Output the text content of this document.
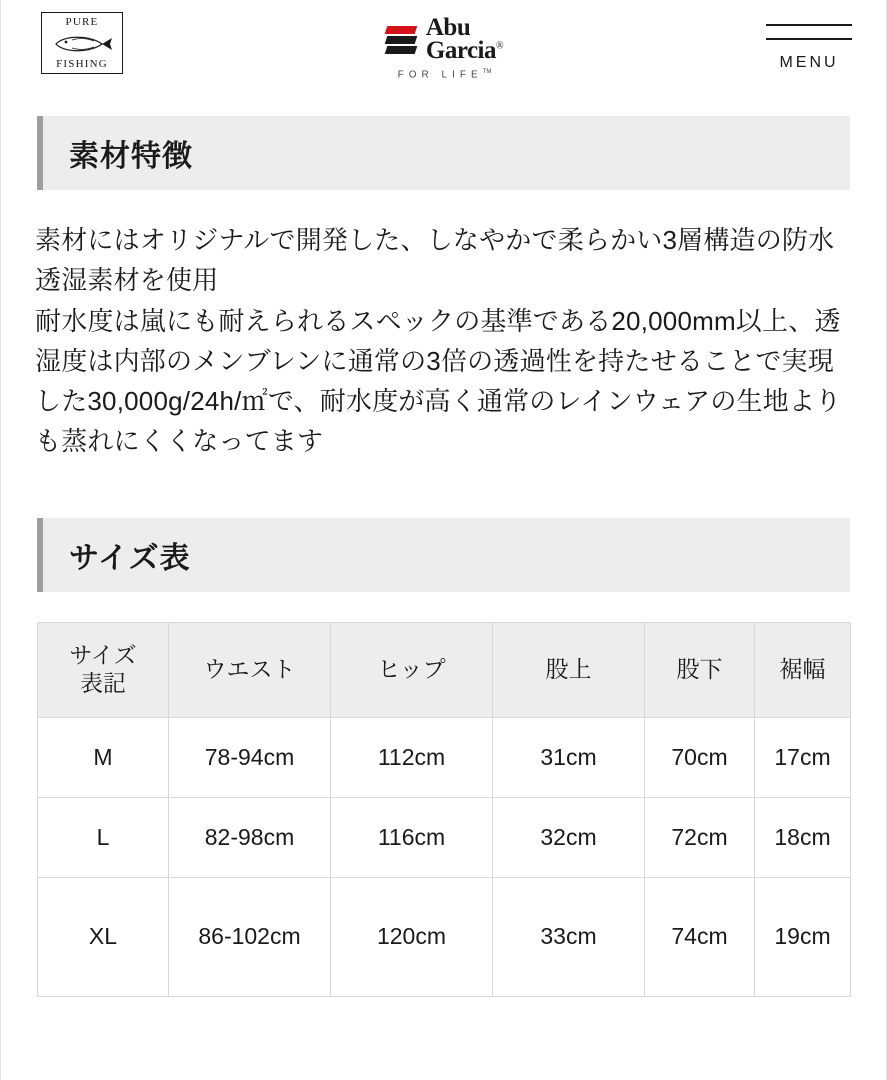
PURE
FISHING
Abu
Garcia®
FOR LIFE™
MENU
素材特徴

素材にはオリジナルで開発した、しなやかで柔らかい3層構造の防水透湿素材を使用

耐水度は嵐にも耐えられるスペックの基準である20,000mm以上、透湿度は内部のメンブレンに通常の3倍の透過性を持たせることで実現した30,000g/24h/㎡で、耐水度が高く通常のレインウェアの生地よりも蒸れにくくなってます

サイズ表
サイズ
表記	ウエスト	ヒップ	股上	股下	裾幅
M	78-94cm	112cm	31cm	70cm	17cm
L	82-98cm	116cm	32cm	72cm	18cm
XL	86-102cm	120cm	33cm	74cm	19cm
